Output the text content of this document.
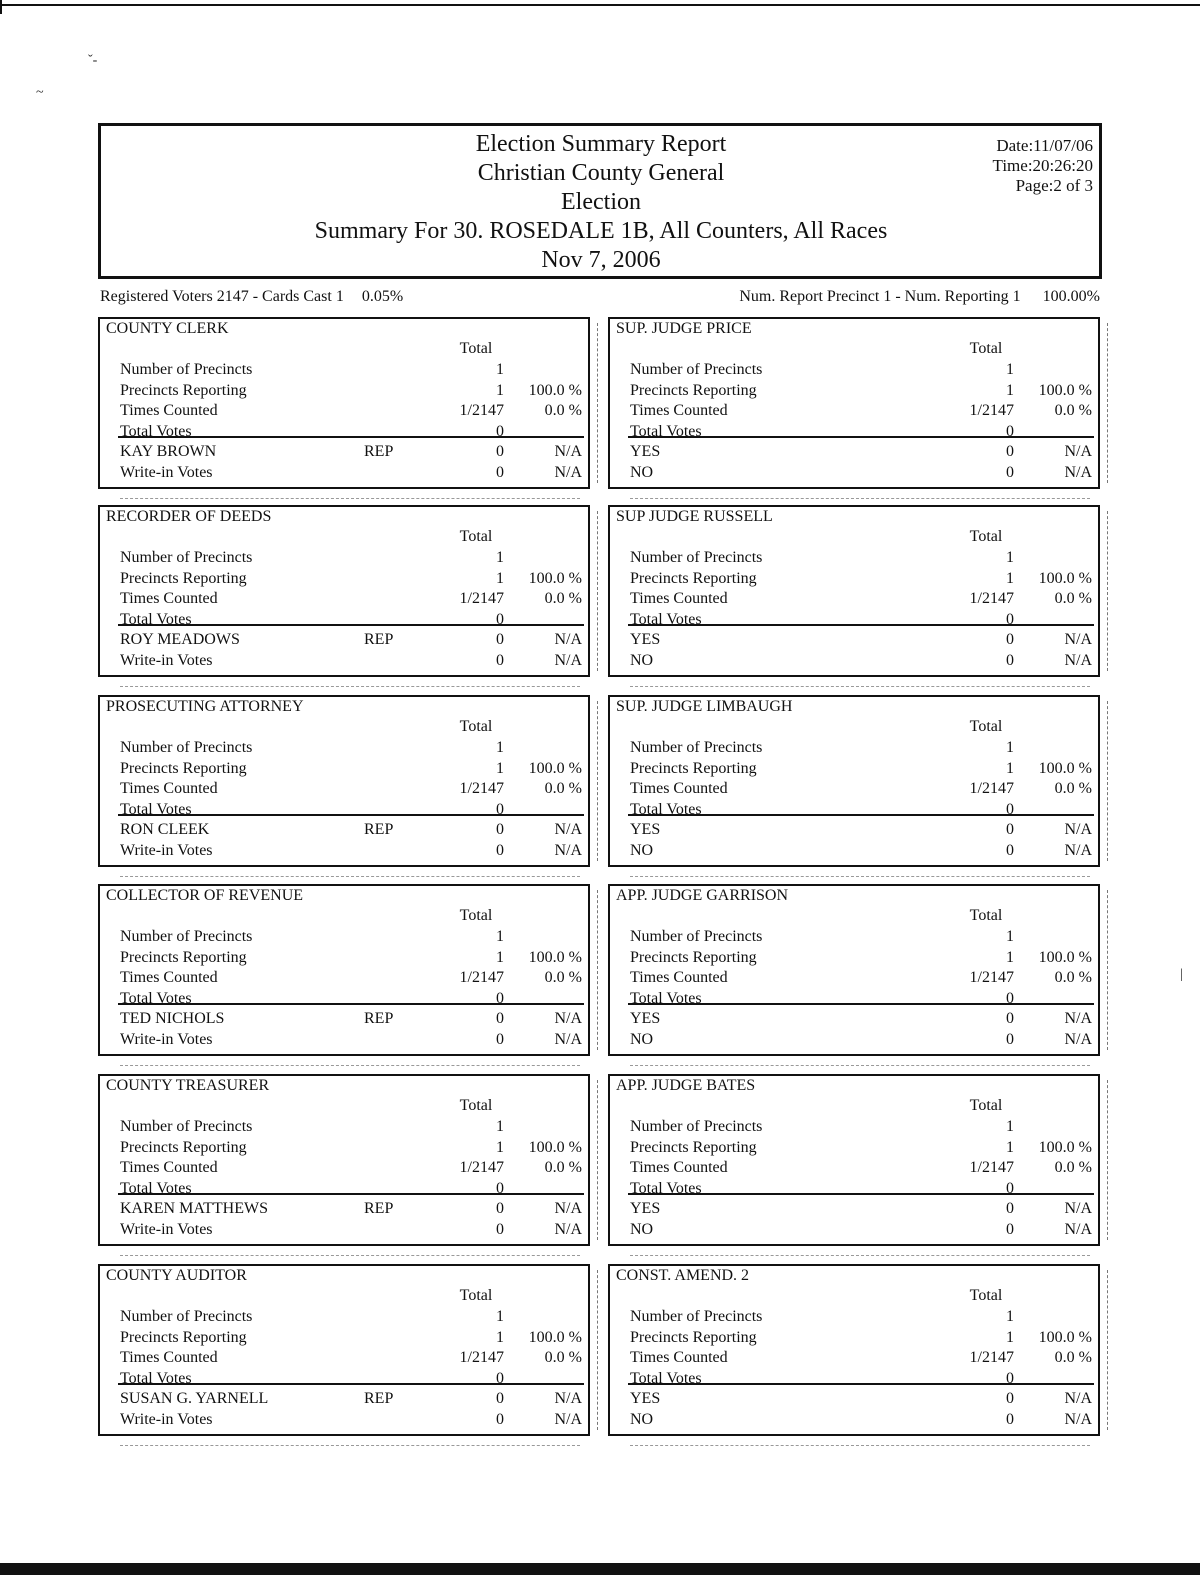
ˇ-
~
|
Election Summary Report
Christian County General
Election
Summary For 30. ROSEDALE 1B, All Counters, All Races
Nov 7, 2006
Date:11/07/06
Time:20:26:20
Page:2 of 3
Registered Voters 2147 - Cards Cast 1 0.05%	Num. Report Precinct 1 - Num. Reporting 1 100.00%
COUNTY CLERK
Total
Number of Precincts	1
Precincts Reporting	1	100.0 %
Times Counted	1/2147	0.0 %
Total Votes	0
KAY BROWN	REP	0	N/A
Write-in Votes	0	N/A
SUP. JUDGE PRICE
Total
Number of Precincts	1
Precincts Reporting	1	100.0 %
Times Counted	1/2147	0.0 %
Total Votes	0
YES	0	N/A
NO	0	N/A
RECORDER OF DEEDS
Total
Number of Precincts	1
Precincts Reporting	1	100.0 %
Times Counted	1/2147	0.0 %
Total Votes	0
ROY MEADOWS	REP	0	N/A
Write-in Votes	0	N/A
SUP JUDGE RUSSELL
Total
Number of Precincts	1
Precincts Reporting	1	100.0 %
Times Counted	1/2147	0.0 %
Total Votes	0
YES	0	N/A
NO	0	N/A
PROSECUTING ATTORNEY
Total
Number of Precincts	1
Precincts Reporting	1	100.0 %
Times Counted	1/2147	0.0 %
Total Votes	0
RON CLEEK	REP	0	N/A
Write-in Votes	0	N/A
SUP. JUDGE LIMBAUGH
Total
Number of Precincts	1
Precincts Reporting	1	100.0 %
Times Counted	1/2147	0.0 %
Total Votes	0
YES	0	N/A
NO	0	N/A
COLLECTOR OF REVENUE
Total
Number of Precincts	1
Precincts Reporting	1	100.0 %
Times Counted	1/2147	0.0 %
Total Votes	0
TED NICHOLS	REP	0	N/A
Write-in Votes	0	N/A
APP. JUDGE GARRISON
Total
Number of Precincts	1
Precincts Reporting	1	100.0 %
Times Counted	1/2147	0.0 %
Total Votes	0
YES	0	N/A
NO	0	N/A
COUNTY TREASURER
Total
Number of Precincts	1
Precincts Reporting	1	100.0 %
Times Counted	1/2147	0.0 %
Total Votes	0
KAREN MATTHEWS	REP	0	N/A
Write-in Votes	0	N/A
APP. JUDGE BATES
Total
Number of Precincts	1
Precincts Reporting	1	100.0 %
Times Counted	1/2147	0.0 %
Total Votes	0
YES	0	N/A
NO	0	N/A
COUNTY AUDITOR
Total
Number of Precincts	1
Precincts Reporting	1	100.0 %
Times Counted	1/2147	0.0 %
Total Votes	0
SUSAN G. YARNELL	REP	0	N/A
Write-in Votes	0	N/A
CONST. AMEND. 2
Total
Number of Precincts	1
Precincts Reporting	1	100.0 %
Times Counted	1/2147	0.0 %
Total Votes	0
YES	0	N/A
NO	0	N/A
